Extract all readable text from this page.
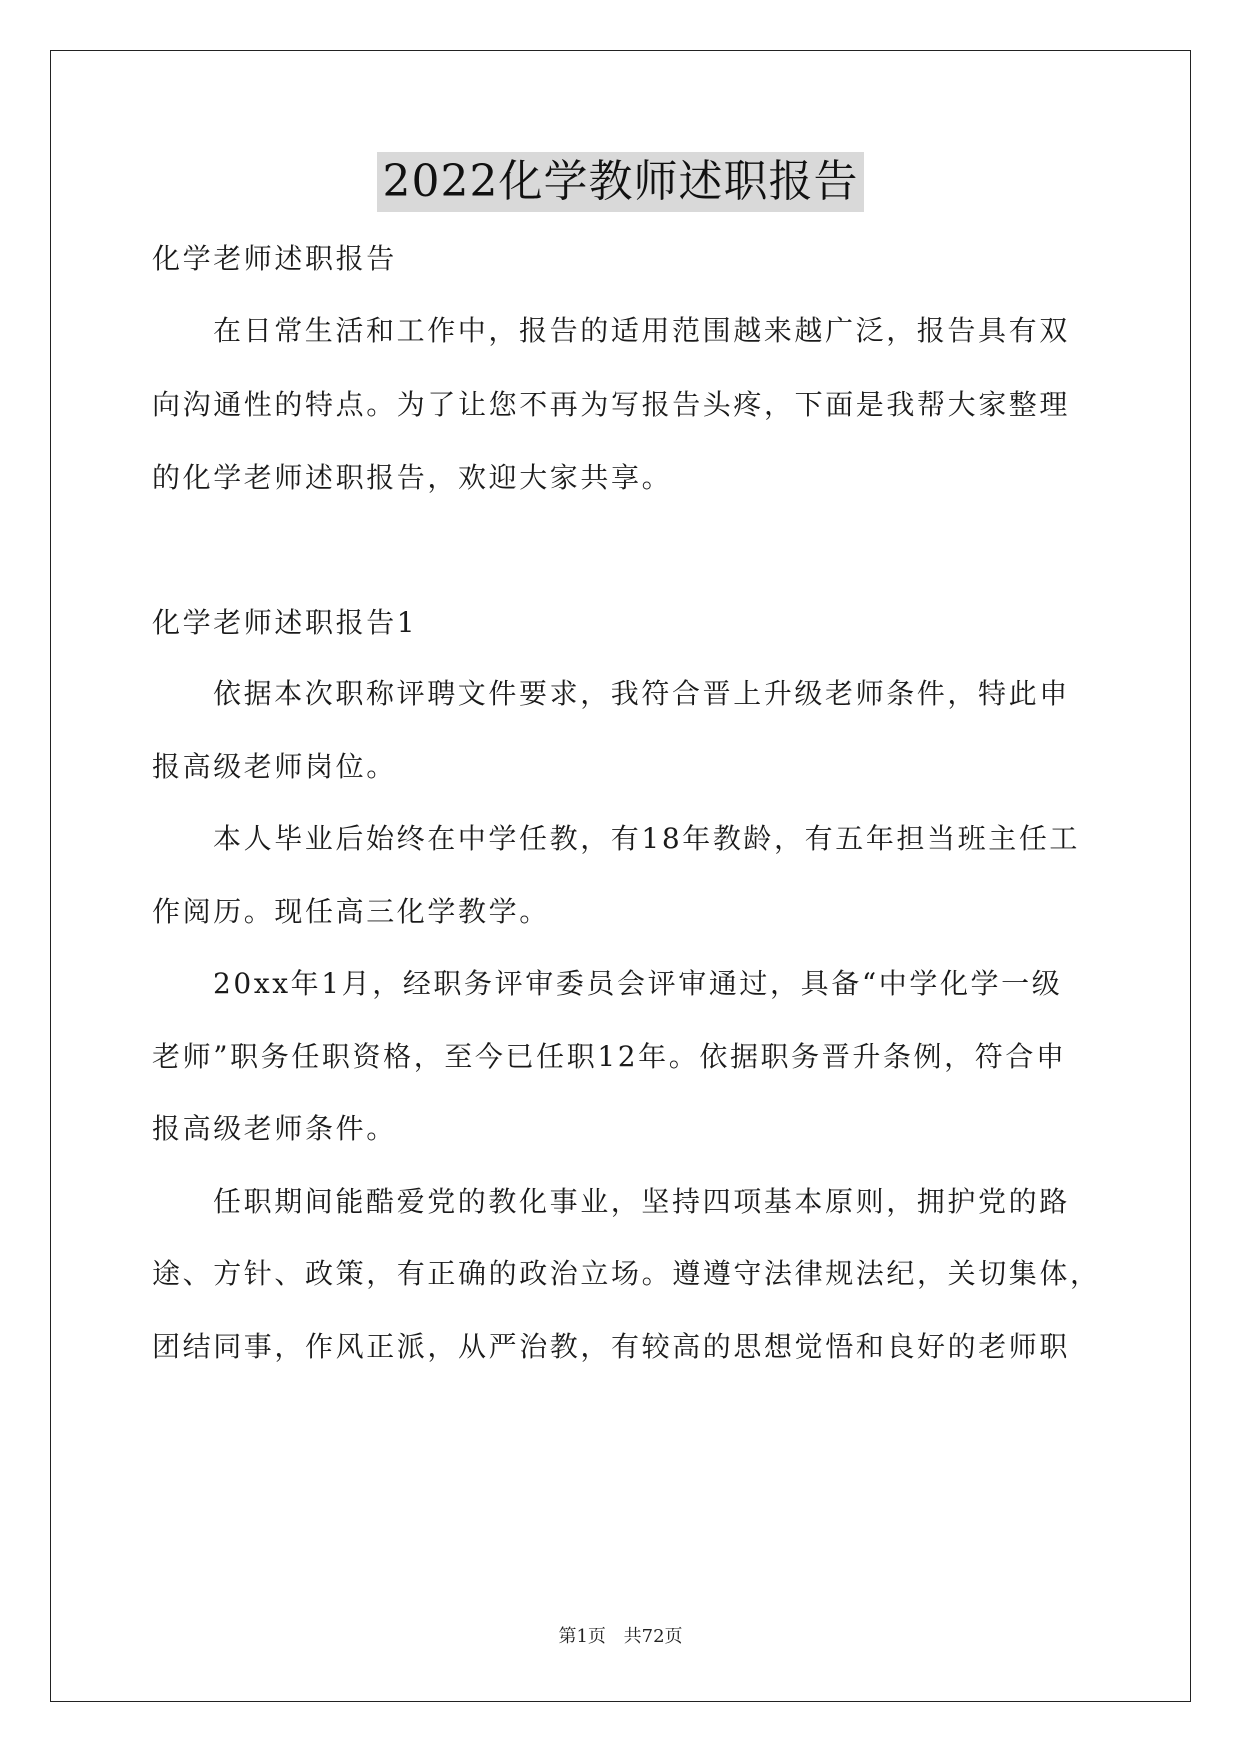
2022化学教师述职报告
化学老师述职报告
在日常生活和工作中，报告的适用范围越来越广泛，报告具有双
向沟通性的特点。为了让您不再为写报告头疼，下面是我帮大家整理
的化学老师述职报告，欢迎大家共享。
化学老师述职报告1
依据本次职称评聘文件要求，我符合晋上升级老师条件，特此申
报高级老师岗位。
本人毕业后始终在中学任教，有18年教龄，有五年担当班主任工
作阅历。现任高三化学教学。
20xx年1月，经职务评审委员会评审通过，具备“中学化学一级
老师”职务任职资格，至今已任职12年。依据职务晋升条例，符合申
报高级老师条件。
任职期间能酷爱党的教化事业，坚持四项基本原则，拥护党的路
途、方针、政策，有正确的政治立场。遵遵守法律规法纪，关切集体，
团结同事，作风正派，从严治教，有较高的思想觉悟和良好的老师职
第1页 共72页
